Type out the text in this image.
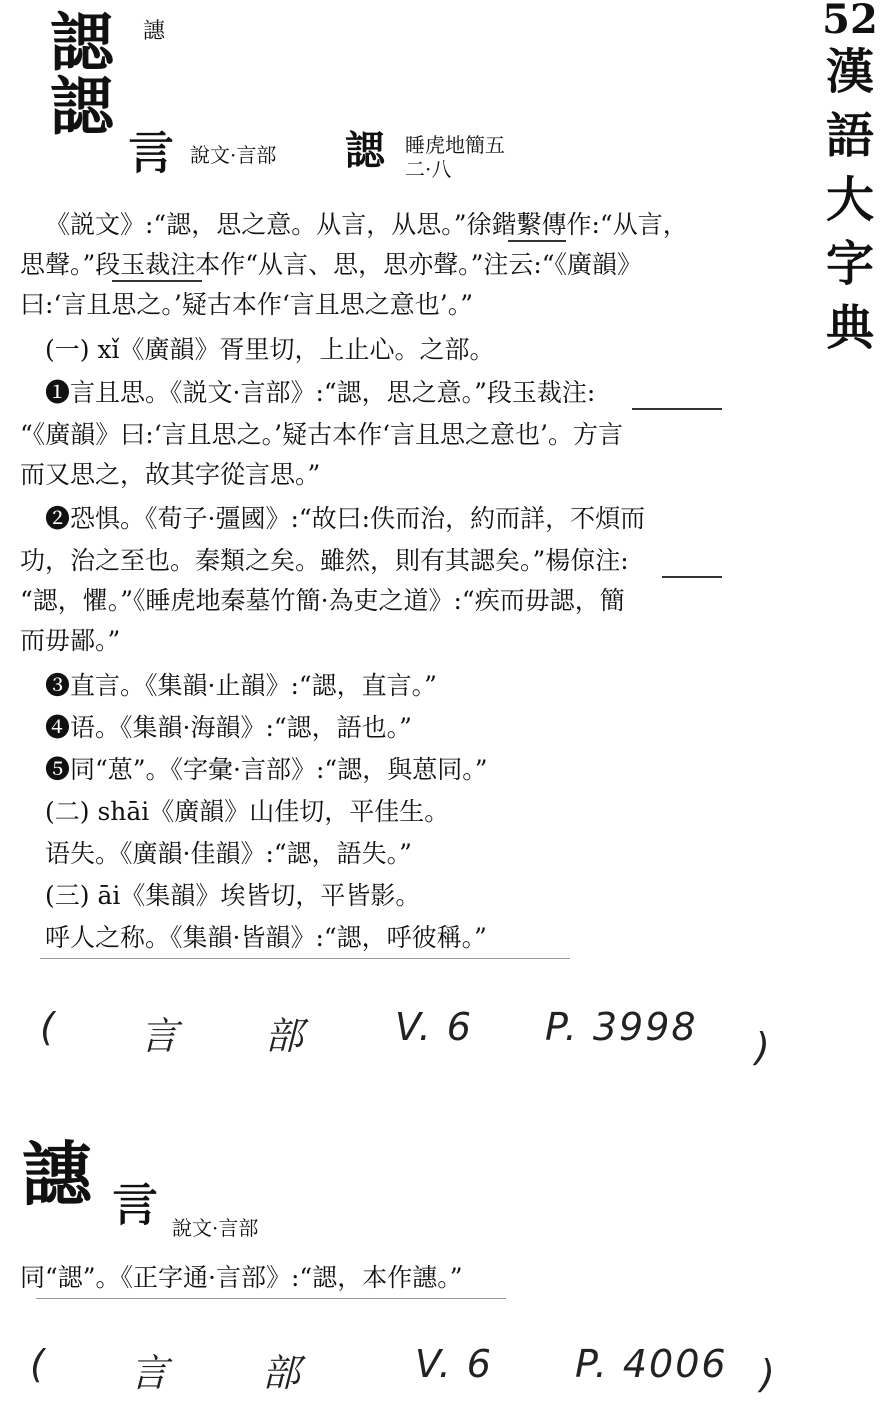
52
漢
語
大
字
典
諰
諰
譓
𧥛 說文·言部 諰 睡虎地簡五
二·八
《説文》:“諰，思之意。从言，从思。”徐鍇繫傳作:“从言，
思聲。”段玉裁注本作“从言、思，思亦聲。”注云:“《廣韻》
曰:‘言且思之。’疑古本作‘言且思之意也’。”
(一) xǐ《廣韻》胥里切，上止心。之部。
❶言且思。《説文·言部》:“諰，思之意。”段玉裁注:
“《廣韻》曰:‘言且思之。’疑古本作‘言且思之意也’。方言
而又思之，故其字從言思。”
❷恐惧。《荀子·彊國》:“故曰:佚而治，約而詳，不煩而
功，治之至也。秦類之矣。雖然，則有其諰矣。”楊倞注:
“諰，懼。”《睡虎地秦墓竹簡·為吏之道》:“疾而毋諰，簡
而毋鄙。”
❸直言。《集韻·止韻》:“諰，直言。”
❹语。《集韻·海韻》:“諰，語也。”
❺同“葸”。《字彙·言部》:“諰，與葸同。”
(二) shāi《廣韻》山佳切，平佳生。
语失。《廣韻·佳韻》:“諰，語失。”
(三) āi《集韻》埃皆切，平皆影。
呼人之称。《集韻·皆韻》:“諰，呼彼稱。”
( 言 部 V. 6 P. 3998 )
譓 𧥛 說文·言部
同“諰”。《正字通·言部》:“諰，本作譓。”
( 言 部	V. 6 P. 4006 )
